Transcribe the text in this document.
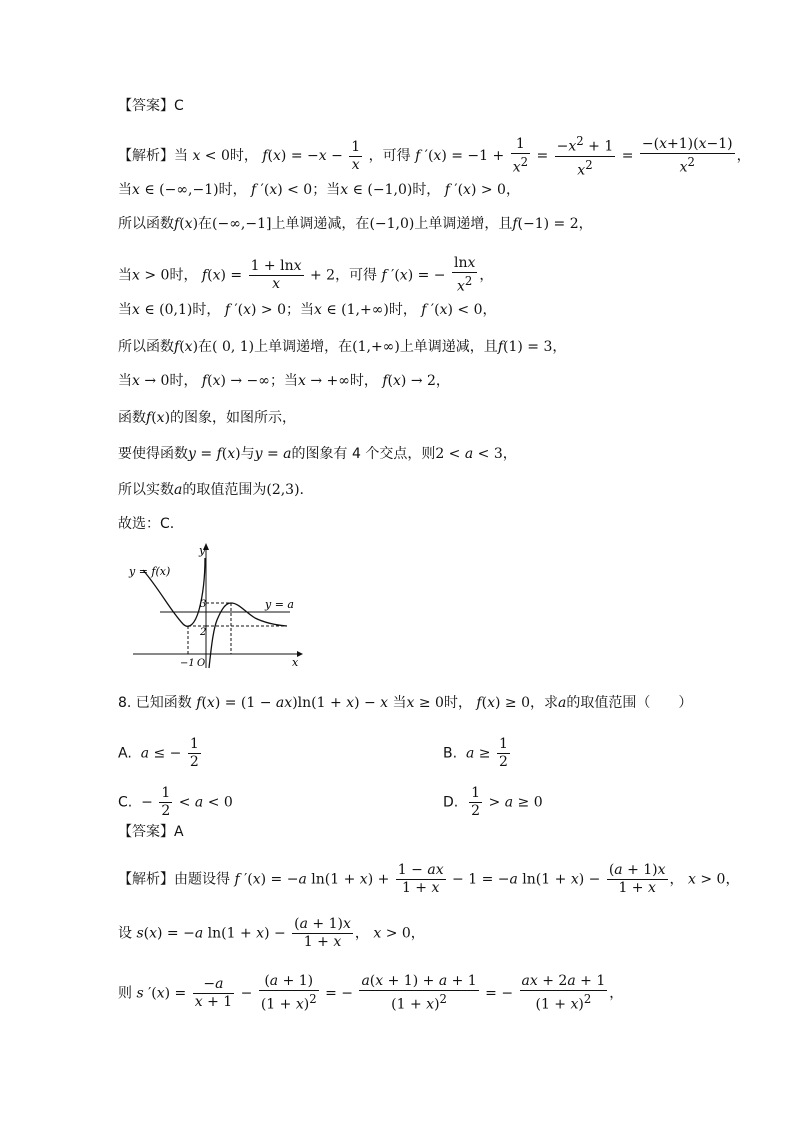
【答案】C
【解析】当 x < 0时， $f(x) = -x - \frac{1}{x}$ ，可得 f $'(x) = -1 + \frac{1}{x^2} = \frac{-x^2 + 1}{x^2} = \frac{-(x+1)(x-1)}{x^2}$ ，
当x ∈ (−∞,−1)时， f ′(x) < 0；当x ∈ (−1,0)时， f ′(x) > 0，
所以函数f(x)在(−∞,−1]上单调递减，在(−1,0)上单调递增，且f(−1) = 2，
当x > 0时， $f(x) = \frac{1 + \ln x}{x} + 2$，可得 f ′(x) = − $\frac{\ln x}{x^2}$ ，
当x ∈ (0,1)时， f ′(x) > 0；当x ∈ (1,+∞)时， f ′(x) < 0，
所以函数f(x)在( 0, 1)上单调递增，在(1,+∞)上单调递减，且f(1) = 3，
当x → 0时， f(x) → −∞；当x → +∞时， f(x) → 2，
函数f(x)的图象，如图所示，
要使得函数y = f(x)与y = a的图象有 4 个交点，则2 < a < 3，
所以实数a的取值范围为(2,3).
故选：C.
y = f(x)
y = a
y
x
3
2
−1 O
8. 已知函数 f(x) = (1 − ax)ln(1 + x) − x 当x ≥ 0时， f(x) ≥ 0，求a的取值范围（　　）
A. a ≤ − $\frac{1}{2}$	B. $a \ge \frac{1}{2}$
C.  − $\frac{1}{2} < a < 0$	D. $\frac{1}{2} > a \ge 0$
【答案】A
【解析】由题设得 f ′(x) = −a $\ln(1 + x) + \frac{1 - ax}{1 + x} - 1 = -a$ $\ln(1 + x) - \frac{(a + 1)x}{1 + x}$ ， x > 0，
设 s(x) = −a $\ln(1 + x) - \frac{(a + 1)x}{1 + x}$ ， x > 0，
则 s $'(x) = \frac{-a}{x + 1} - \frac{(a + 1)}{(1 + x)^2}$ = − $\frac{a(x + 1) + a + 1}{(1 + x)^2}$ = − $\frac{ax + 2a + 1}{(1 + x)^2}$ ，
